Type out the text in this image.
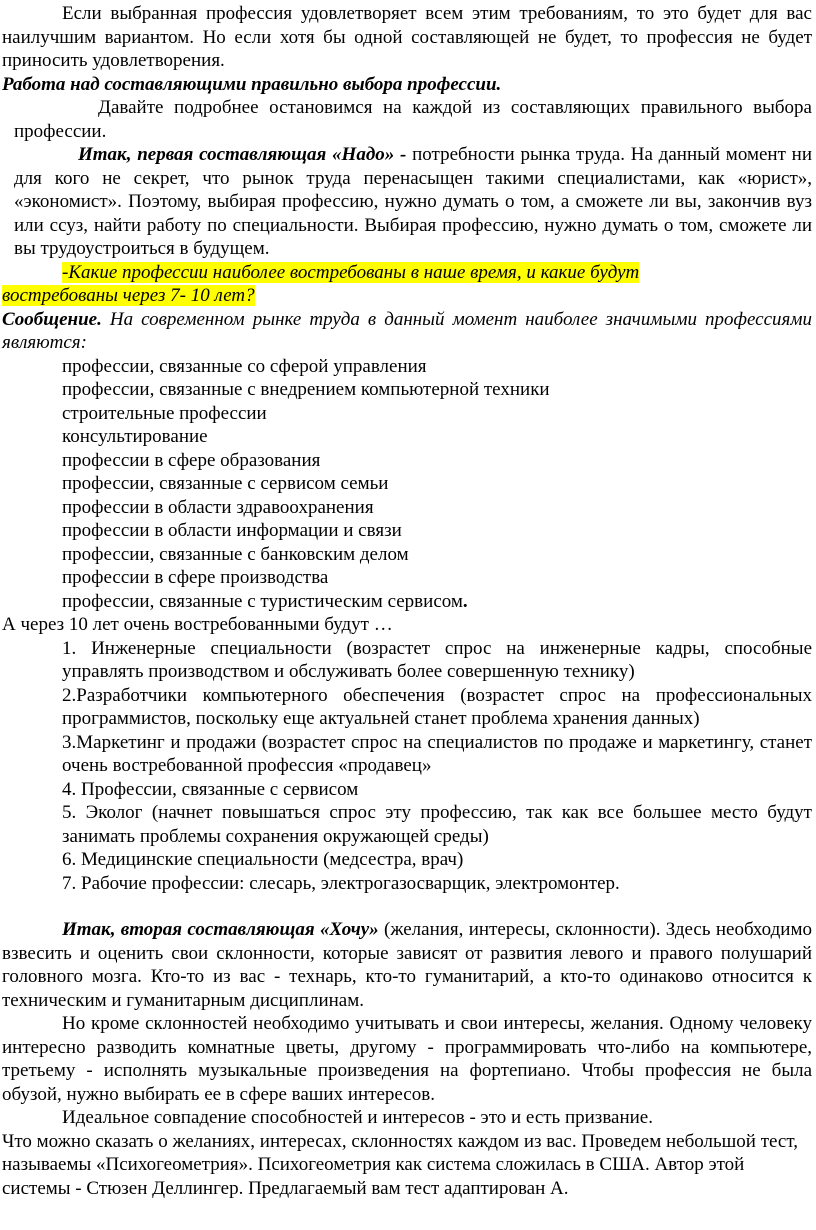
Если выбранная профессия удовлетворяет всем этим требованиям, то это будет для вас наилучшим вариантом. Но если хотя бы одной составляющей не будет, то профессия не будет приносить удовлетворения.

Работа над составляющими правильно выбора профессии.

Давайте подробнее остановимся на каждой из составляющих правильного выбора профессии.

Итак, первая составляющая «Надо» - потребности рынка труда. На данный момент ни для кого не секрет, что рынок труда перенасыщен такими специалистами, как «юрист», «экономист». Поэтому, выбирая профессию, нужно думать о том, а сможете ли вы, закончив вуз или ссуз, найти работу по специальности. Выбирая профессию, нужно думать о том, сможете ли вы трудоустроиться в будущем.

-Какие профессии наиболее востребованы в наше время, и какие будут

востребованы через 7- 10 лет?

Сообщение. На современном рынке труда в данный момент наиболее значимыми профессиями являются:

профессии, связанные со сферой управления

профессии, связанные с внедрением компьютерной техники

строительные профессии

консультирование

профессии в сфере образования

профессии, связанные с сервисом семьи

профессии в области здравоохранения

профессии в области информации и связи

профессии, связанные с банковским делом

профессии в сфере производства

профессии, связанные с туристическим сервисом.

А через 10 лет очень востребованными будут …

1. Инженерные специальности (возрастет спрос на инженерные кадры, способные управлять производством и обслуживать более совершенную технику)

2.Разработчики компьютерного обеспечения (возрастет спрос на профессиональных программистов, поскольку еще актуальней станет проблема хранения данных)

3.Маркетинг и продажи (возрастет спрос на специалистов по продаже и маркетингу, станет очень востребованной профессия «продавец»

4. Профессии, связанные с сервисом

5. Эколог (начнет повышаться спрос эту профессию, так как все большее место будут занимать проблемы сохранения окружающей среды)

6. Медицинские специальности (медсестра, врач)

7. Рабочие профессии: слесарь, электрогазосварщик, электромонтер.

Итак, вторая составляющая «Хочу» (желания, интересы, склонности). Здесь необходимо взвесить и оценить свои склонности, которые зависят от развития левого и правого полушарий головного мозга. Кто-то из вас - технарь, кто-то гуманитарий, а кто-то одинаково относится к техническим и гуманитарным дисциплинам.

Но кроме склонностей необходимо учитывать и свои интересы, желания. Одному человеку интересно разводить комнатные цветы, другому - программировать что-либо на компьютере, третьему - исполнять музыкальные произведения на фортепиано. Чтобы профессия не была обузой, нужно выбирать ее в сфере ваших интересов.

Идеальное совпадение способностей и интересов - это и есть призвание.

Что можно сказать о желаниях, интересах, склонностях каждом из вас. Проведем небольшой тест, называемы «Психогеометрия». Психогеометрия как система сложилась в США. Автор этой системы - Стюзен Деллингер. Предлагаемый вам тест адаптирован А.
